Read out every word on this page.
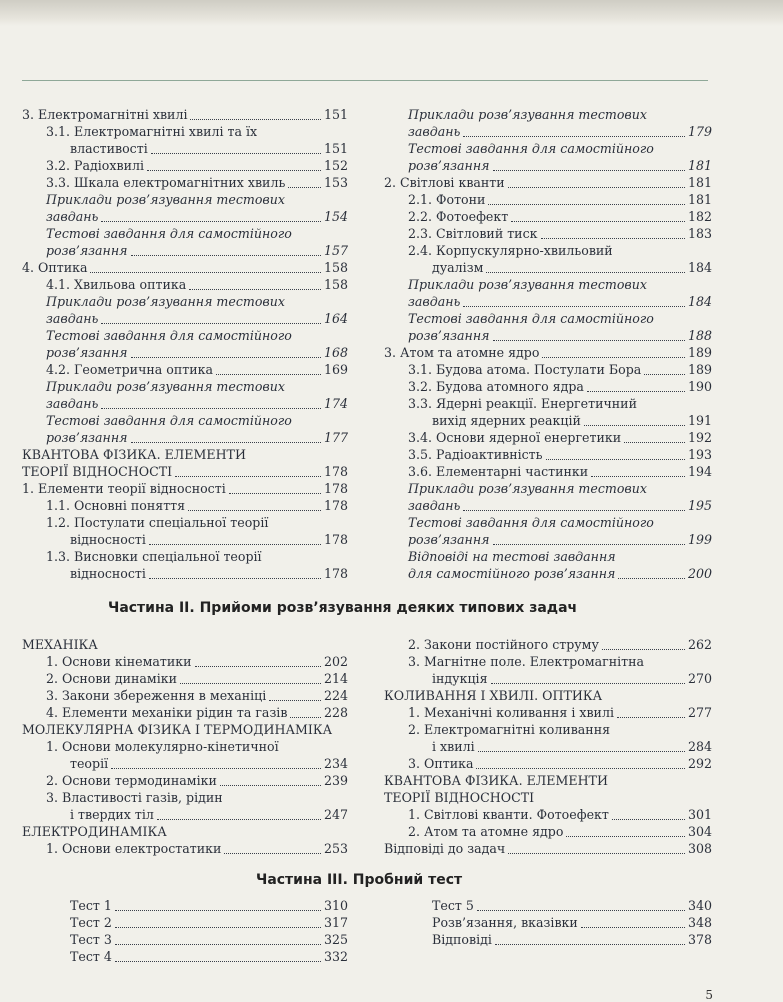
3. Електромагнітні хвилі	151
3.1. Електромагнітні хвилі та їх
властивості	151
3.2. Радіохвилі	152
3.3. Шкала електромагнітних хвиль	153
Приклади розв’язування тестових
завдань	154
Тестові завдання для самостійного
розв’язання	157
4. Оптика	158
4.1. Хвильова оптика	158
Приклади розв’язування тестових
завдань	164
Тестові завдання для самостійного
розв’язання	168
4.2. Геометрична оптика	169
Приклади розв’язування тестових
завдань	174
Тестові завдання для самостійного
розв’язання	177
КВАНТОВА ФІЗИКА. ЕЛЕМЕНТИ
ТЕОРІЇ ВІДНОСНОСТІ	178
1. Елементи теорії відносності	178
1.1. Основні поняття	178
1.2. Постулати спеціальної теорії
відносності	178
1.3. Висновки спеціальної теорії
відносності	178
Приклади розв’язування тестових
завдань	179
Тестові завдання для самостійного
розв’язання	181
2. Світлові кванти	181
2.1. Фотони	181
2.2. Фотоефект	182
2.3. Світловий тиск	183
2.4. Корпускулярно-хвильовий
дуалізм	184
Приклади розв’язування тестових
завдань	184
Тестові завдання для самостійного
розв’язання	188
3. Атом та атомне ядро	189
3.1. Будова атома. Постулати Бора	189
3.2. Будова атомного ядра	190
3.3. Ядерні реакції. Енергетичний
вихід ядерних реакцій	191
3.4. Основи ядерної енергетики	192
3.5. Радіоактивність	193
3.6. Елементарні частинки	194
Приклади розв’язування тестових
завдань	195
Тестові завдання для самостійного
розв’язання	199
Відповіді на тестові завдання
для самостійного розв’язання	200
Частина ІІ. Прийоми розв’язування деяких типових задач
МЕХАНІКА
1. Основи кінематики	202
2. Основи динаміки	214
3. Закони збереження в механіці	224
4. Елементи механіки рідин та газів	228
МОЛЕКУЛЯРНА ФІЗИКА І ТЕРМОДИНАМІКА
1. Основи молекулярно-кінетичної
теорії	234
2. Основи термодинаміки	239
3. Властивості газів, рідин
і твердих тіл	247
ЕЛЕКТРОДИНАМІКА
1. Основи електростатики	253
2. Закони постійного струму	262
3. Магнітне поле. Електромагнітна
індукція	270
КОЛИВАННЯ І ХВИЛІ. ОПТИКА
1. Механічні коливання і хвилі	277
2. Електромагнітні коливання
і хвилі	284
3. Оптика	292
КВАНТОВА ФІЗИКА. ЕЛЕМЕНТИ
ТЕОРІЇ ВІДНОСНОСТІ
1. Світлові кванти. Фотоефект	301
2. Атом та атомне ядро	304
Відповіді до задач	308
Частина ІІІ. Пробний тест
Тест 1	310
Тест 2	317
Тест 3	325
Тест 4	332
Тест 5	340
Розв’язання, вказівки	348
Відповіді	378
5
